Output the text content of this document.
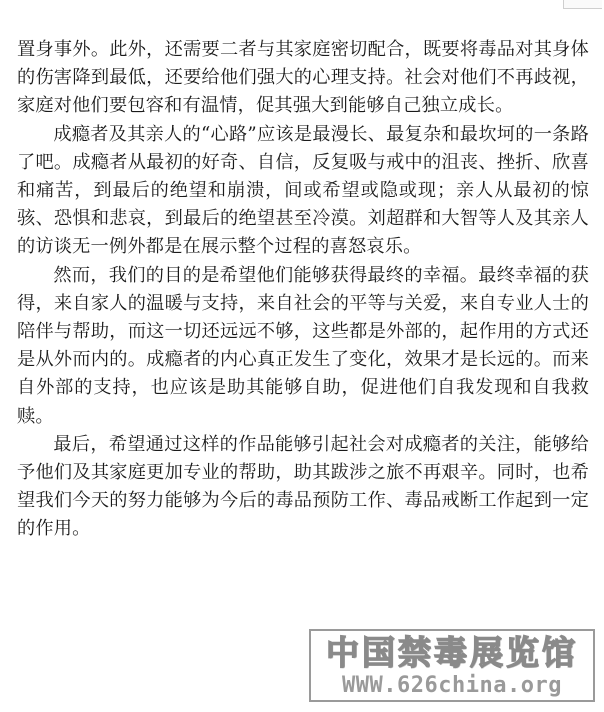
置身事外。此外，还需要二者与其家庭密切配合，既要将毒品对其身体的伤害降到最低，还要给他们强大的心理支持。社会对他们不再歧视，家庭对他们要包容和有温情，促其强大到能够自己独立成长。

成瘾者及其亲人的“心路”应该是最漫长、最复杂和最坎坷的一条路了吧。成瘾者从最初的好奇、自信，反复吸与戒中的沮丧、挫折、欣喜和痛苦，到最后的绝望和崩溃，间或希望或隐或现；亲人从最初的惊骇、恐惧和悲哀，到最后的绝望甚至冷漠。刘超群和大智等人及其亲人的访谈无一例外都是在展示整个过程的喜怒哀乐。

然而，我们的目的是希望他们能够获得最终的幸福。最终幸福的获得，来自家人的温暖与支持，来自社会的平等与关爱，来自专业人士的陪伴与帮助，而这一切还远远不够，这些都是外部的，起作用的方式还是从外而内的。成瘾者的内心真正发生了变化，效果才是长远的。而来自外部的支持，也应该是助其能够自助，促进他们自我发现和自我救赎。

最后，希望通过这样的作品能够引起社会对成瘾者的关注，能够给予他们及其家庭更加专业的帮助，助其跋涉之旅不再艰辛。同时，也希望我们今天的努力能够为今后的毒品预防工作、毒品戒断工作起到一定的作用。

中国禁毒展览馆
WWW.626china.org
